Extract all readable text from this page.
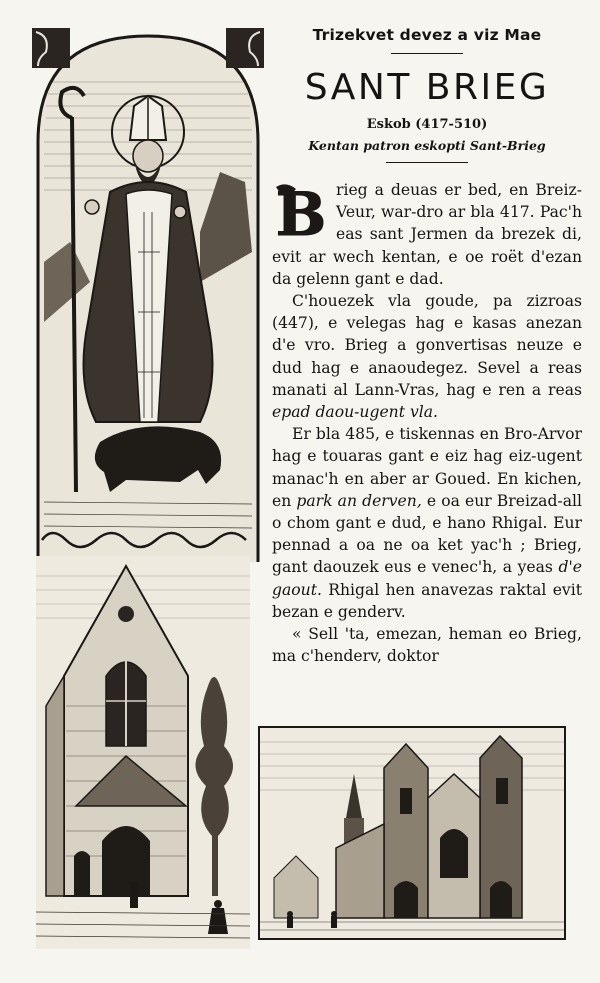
Trizekvet devez a viz Mae
SANT BRIEG
Eskob (417-510)
Kentan patron eskopti Sant-Brieg
B rieg a deuas er bed, en Breiz-Veur, war-dro ar bla 417. Pac'h eas sant Jermen da brezek di, evit ar wech kentan, e oe roët d'ezan da gelenn gant e dad.

C'houezek vla goude, pa zizroas (447), e velegas hag e kasas anezan d'e vro. Brieg a gonvertisas neuze e dud hag e anaoudegez. Sevel a reas manati al Lann-Vras, hag e ren a reas epad daou-ugent vla.

Er bla 485, e tiskennas en Bro-Arvor hag e touaras gant e eiz hag eiz-ugent manac'h en aber ar Goued. En kichen, en park an derven, e oa eur Breizad-all o chom gant e dud, e hano Rhigal. Eur pennad a oa ne oa ket yac'h ; Brieg, gant daouzek eus e venec'h, a yeas d'e gaout. Rhigal hen anavezas raktal evit bezan e genderv.

« Sell 'ta, emezan, heman eo Brieg, ma c'henderv, doktor
